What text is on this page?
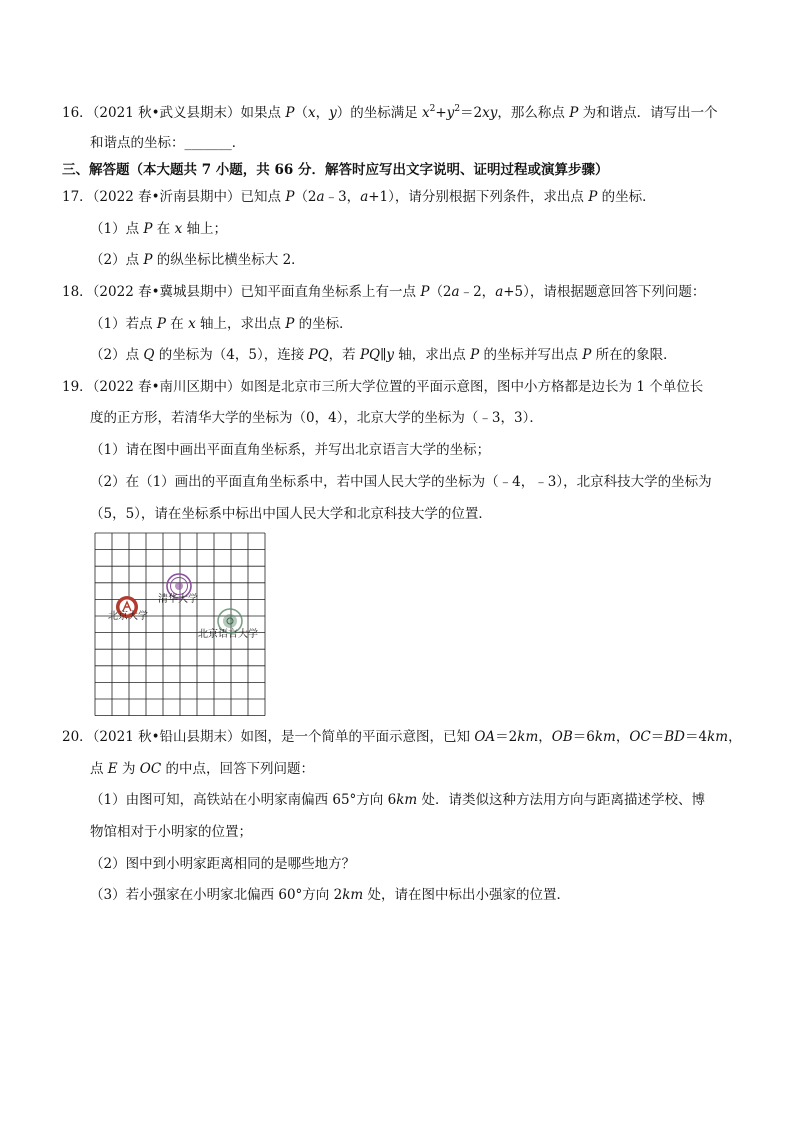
16．（2021 秋•武义县期末）如果点 P（x，y）的坐标满足 $x^2+y^2=2xy$，那么称点 P 为和谐点．请写出一个
和谐点的坐标：_______．
三、解答题（本大题共 7 小题，共 66 分．解答时应写出文字说明、证明过程或演算步骤）
17．（2022 春•沂南县期中）已知点 P（2a﹣3，a+1），请分别根据下列条件，求出点 P 的坐标．
（1）点 P 在 x 轴上；
（2）点 P 的纵坐标比横坐标大 2．
18．（2022 春•冀城县期中）已知平面直角坐标系上有一点 P（2a﹣2，a+5），请根据题意回答下列问题：
（1）若点 P 在 x 轴上，求出点 P 的坐标．
（2）点 Q 的坐标为（4，5），连接 PQ，若 PQ∥y 轴，求出点 P 的坐标并写出点 P 所在的象限．
19．（2022 春•南川区期中）如图是北京市三所大学位置的平面示意图，图中小方格都是边长为 1 个单位长
度的正方形，若清华大学的坐标为（0，4），北京大学的坐标为（﹣3，3）．
（1）请在图中画出平面直角坐标系，并写出北京语言大学的坐标；
（2）在（1）画出的平面直角坐标系中，若中国人民大学的坐标为（﹣4，﹣3），北京科技大学的坐标为
（5，5），请在坐标系中标出中国人民大学和北京科技大学的位置．
清华大学
北京大学
北京语言大学
20．（2021 秋•铅山县期末）如图，是一个简单的平面示意图，已知 OA＝2km，OB＝6km，OC＝BD＝4km，
点 E 为 OC 的中点，回答下列问题：
（1）由图可知，高铁站在小明家南偏西 65°方向 6km 处．请类似这种方法用方向与距离描述学校、博
物馆相对于小明家的位置；
（2）图中到小明家距离相同的是哪些地方？
（3）若小强家在小明家北偏西 60°方向 2km 处，请在图中标出小强家的位置．
